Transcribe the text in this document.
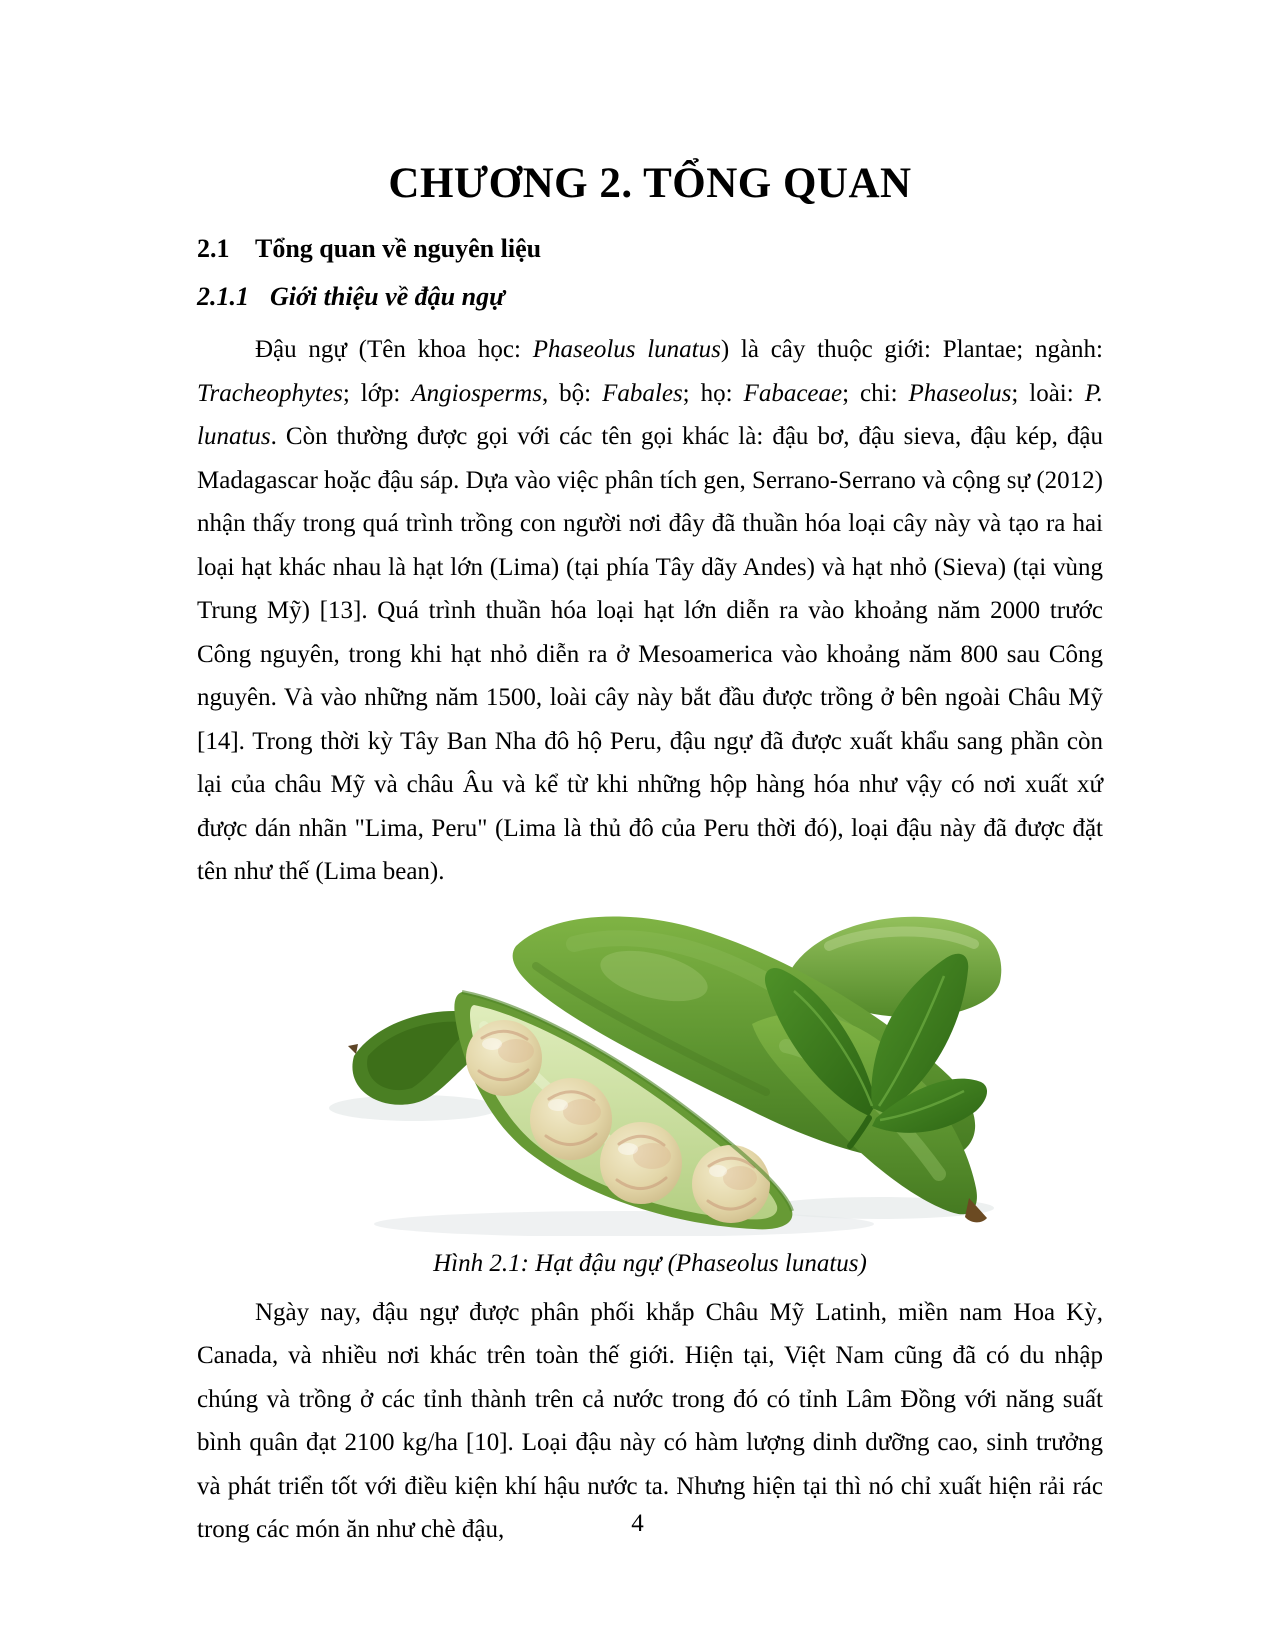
CHƯƠNG 2. TỔNG QUAN
2.1 Tổng quan về nguyên liệu
2.1.1 Giới thiệu về đậu ngự

Đậu ngự (Tên khoa học: Phaseolus lunatus) là cây thuộc giới: Plantae; ngành: Tracheophytes; lớp: Angiosperms, bộ: Fabales; họ: Fabaceae; chi: Phaseolus; loài: P. lunatus. Còn thường được gọi với các tên gọi khác là: đậu bơ, đậu sieva, đậu kép, đậu Madagascar hoặc đậu sáp. Dựa vào việc phân tích gen, Serrano-Serrano và cộng sự (2012) nhận thấy trong quá trình trồng con người nơi đây đã thuần hóa loại cây này và tạo ra hai loại hạt khác nhau là hạt lớn (Lima) (tại phía Tây dãy Andes) và hạt nhỏ (Sieva) (tại vùng Trung Mỹ) [13]. Quá trình thuần hóa loại hạt lớn diễn ra vào khoảng năm 2000 trước Công nguyên, trong khi hạt nhỏ diễn ra ở Mesoamerica vào khoảng năm 800 sau Công nguyên. Và vào những năm 1500, loài cây này bắt đầu được trồng ở bên ngoài Châu Mỹ [14]. Trong thời kỳ Tây Ban Nha đô hộ Peru, đậu ngự đã được xuất khẩu sang phần còn lại của châu Mỹ và châu Âu và kể từ khi những hộp hàng hóa như vậy có nơi xuất xứ được dán nhãn "Lima, Peru" (Lima là thủ đô của Peru thời đó), loại đậu này đã được đặt tên như thế (Lima bean).

Hình 2.1: Hạt đậu ngự (Phaseolus lunatus)

Ngày nay, đậu ngự được phân phối khắp Châu Mỹ Latinh, miền nam Hoa Kỳ, Canada, và nhiều nơi khác trên toàn thế giới. Hiện tại, Việt Nam cũng đã có du nhập chúng và trồng ở các tỉnh thành trên cả nước trong đó có tỉnh Lâm Đồng với năng suất bình quân đạt 2100 kg/ha [10]. Loại đậu này có hàm lượng dinh dưỡng cao, sinh trưởng và phát triển tốt với điều kiện khí hậu nước ta. Nhưng hiện tại thì nó chỉ xuất hiện rải rác trong các món ăn như chè đậu,	4
